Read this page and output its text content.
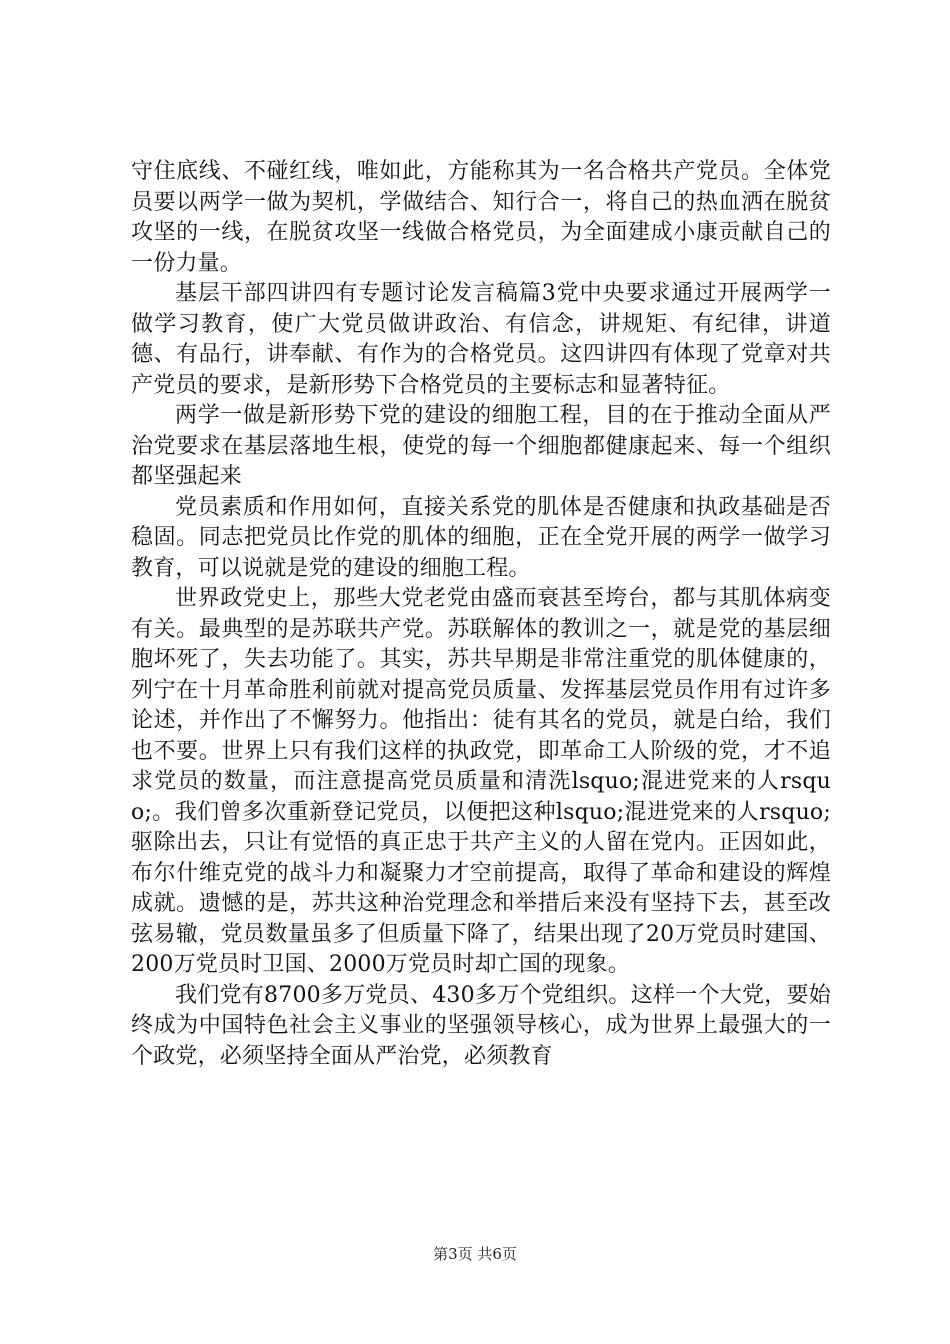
守住底线、不碰红线，唯如此，方能称其为一名合格共产党员。全体党员要以两学一做为契机，学做结合、知行合一，将自己的热血洒在脱贫攻坚的一线，在脱贫攻坚一线做合格党员，为全面建成小康贡献自己的一份力量。

基层干部四讲四有专题讨论发言稿篇3党中央要求通过开展两学一做学习教育，使广大党员做讲政治、有信念，讲规矩、有纪律，讲道德、有品行，讲奉献、有作为的合格党员。这四讲四有体现了党章对共产党员的要求，是新形势下合格党员的主要标志和显著特征。

两学一做是新形势下党的建设的细胞工程，目的在于推动全面从严治党要求在基层落地生根，使党的每一个细胞都健康起来、每一个组织都坚强起来

党员素质和作用如何，直接关系党的肌体是否健康和执政基础是否稳固。同志把党员比作党的肌体的细胞，正在全党开展的两学一做学习教育，可以说就是党的建设的细胞工程。

世界政党史上，那些大党老党由盛而衰甚至垮台，都与其肌体病变有关。最典型的是苏联共产党。苏联解体的教训之一，就是党的基层细胞坏死了，失去功能了。其实，苏共早期是非常注重党的肌体健康的，列宁在十月革命胜利前就对提高党员质量、发挥基层党员作用有过许多论述，并作出了不懈努力。他指出：徒有其名的党员，就是白给，我们也不要。世界上只有我们这样的执政党，即革命工人阶级的党，才不追求党员的数量，而注意提高党员质量和清洗lsquo;混进党来的人rsquo;。我们曾多次重新登记党员，以便把这种lsquo;混进党来的人rsquo;驱除出去，只让有觉悟的真正忠于共产主义的人留在党内。正因如此，布尔什维克党的战斗力和凝聚力才空前提高，取得了革命和建设的辉煌成就。遗憾的是，苏共这种治党理念和举措后来没有坚持下去，甚至改弦易辙，党员数量虽多了但质量下降了，结果出现了20万党员时建国、200万党员时卫国、2000万党员时却亡国的现象。

我们党有8700多万党员、430多万个党组织。这样一个大党，要始终成为中国特色社会主义事业的坚强领导核心，成为世界上最强大的一个政党，必须坚持全面从严治党，必须教育

第3页 共6页
